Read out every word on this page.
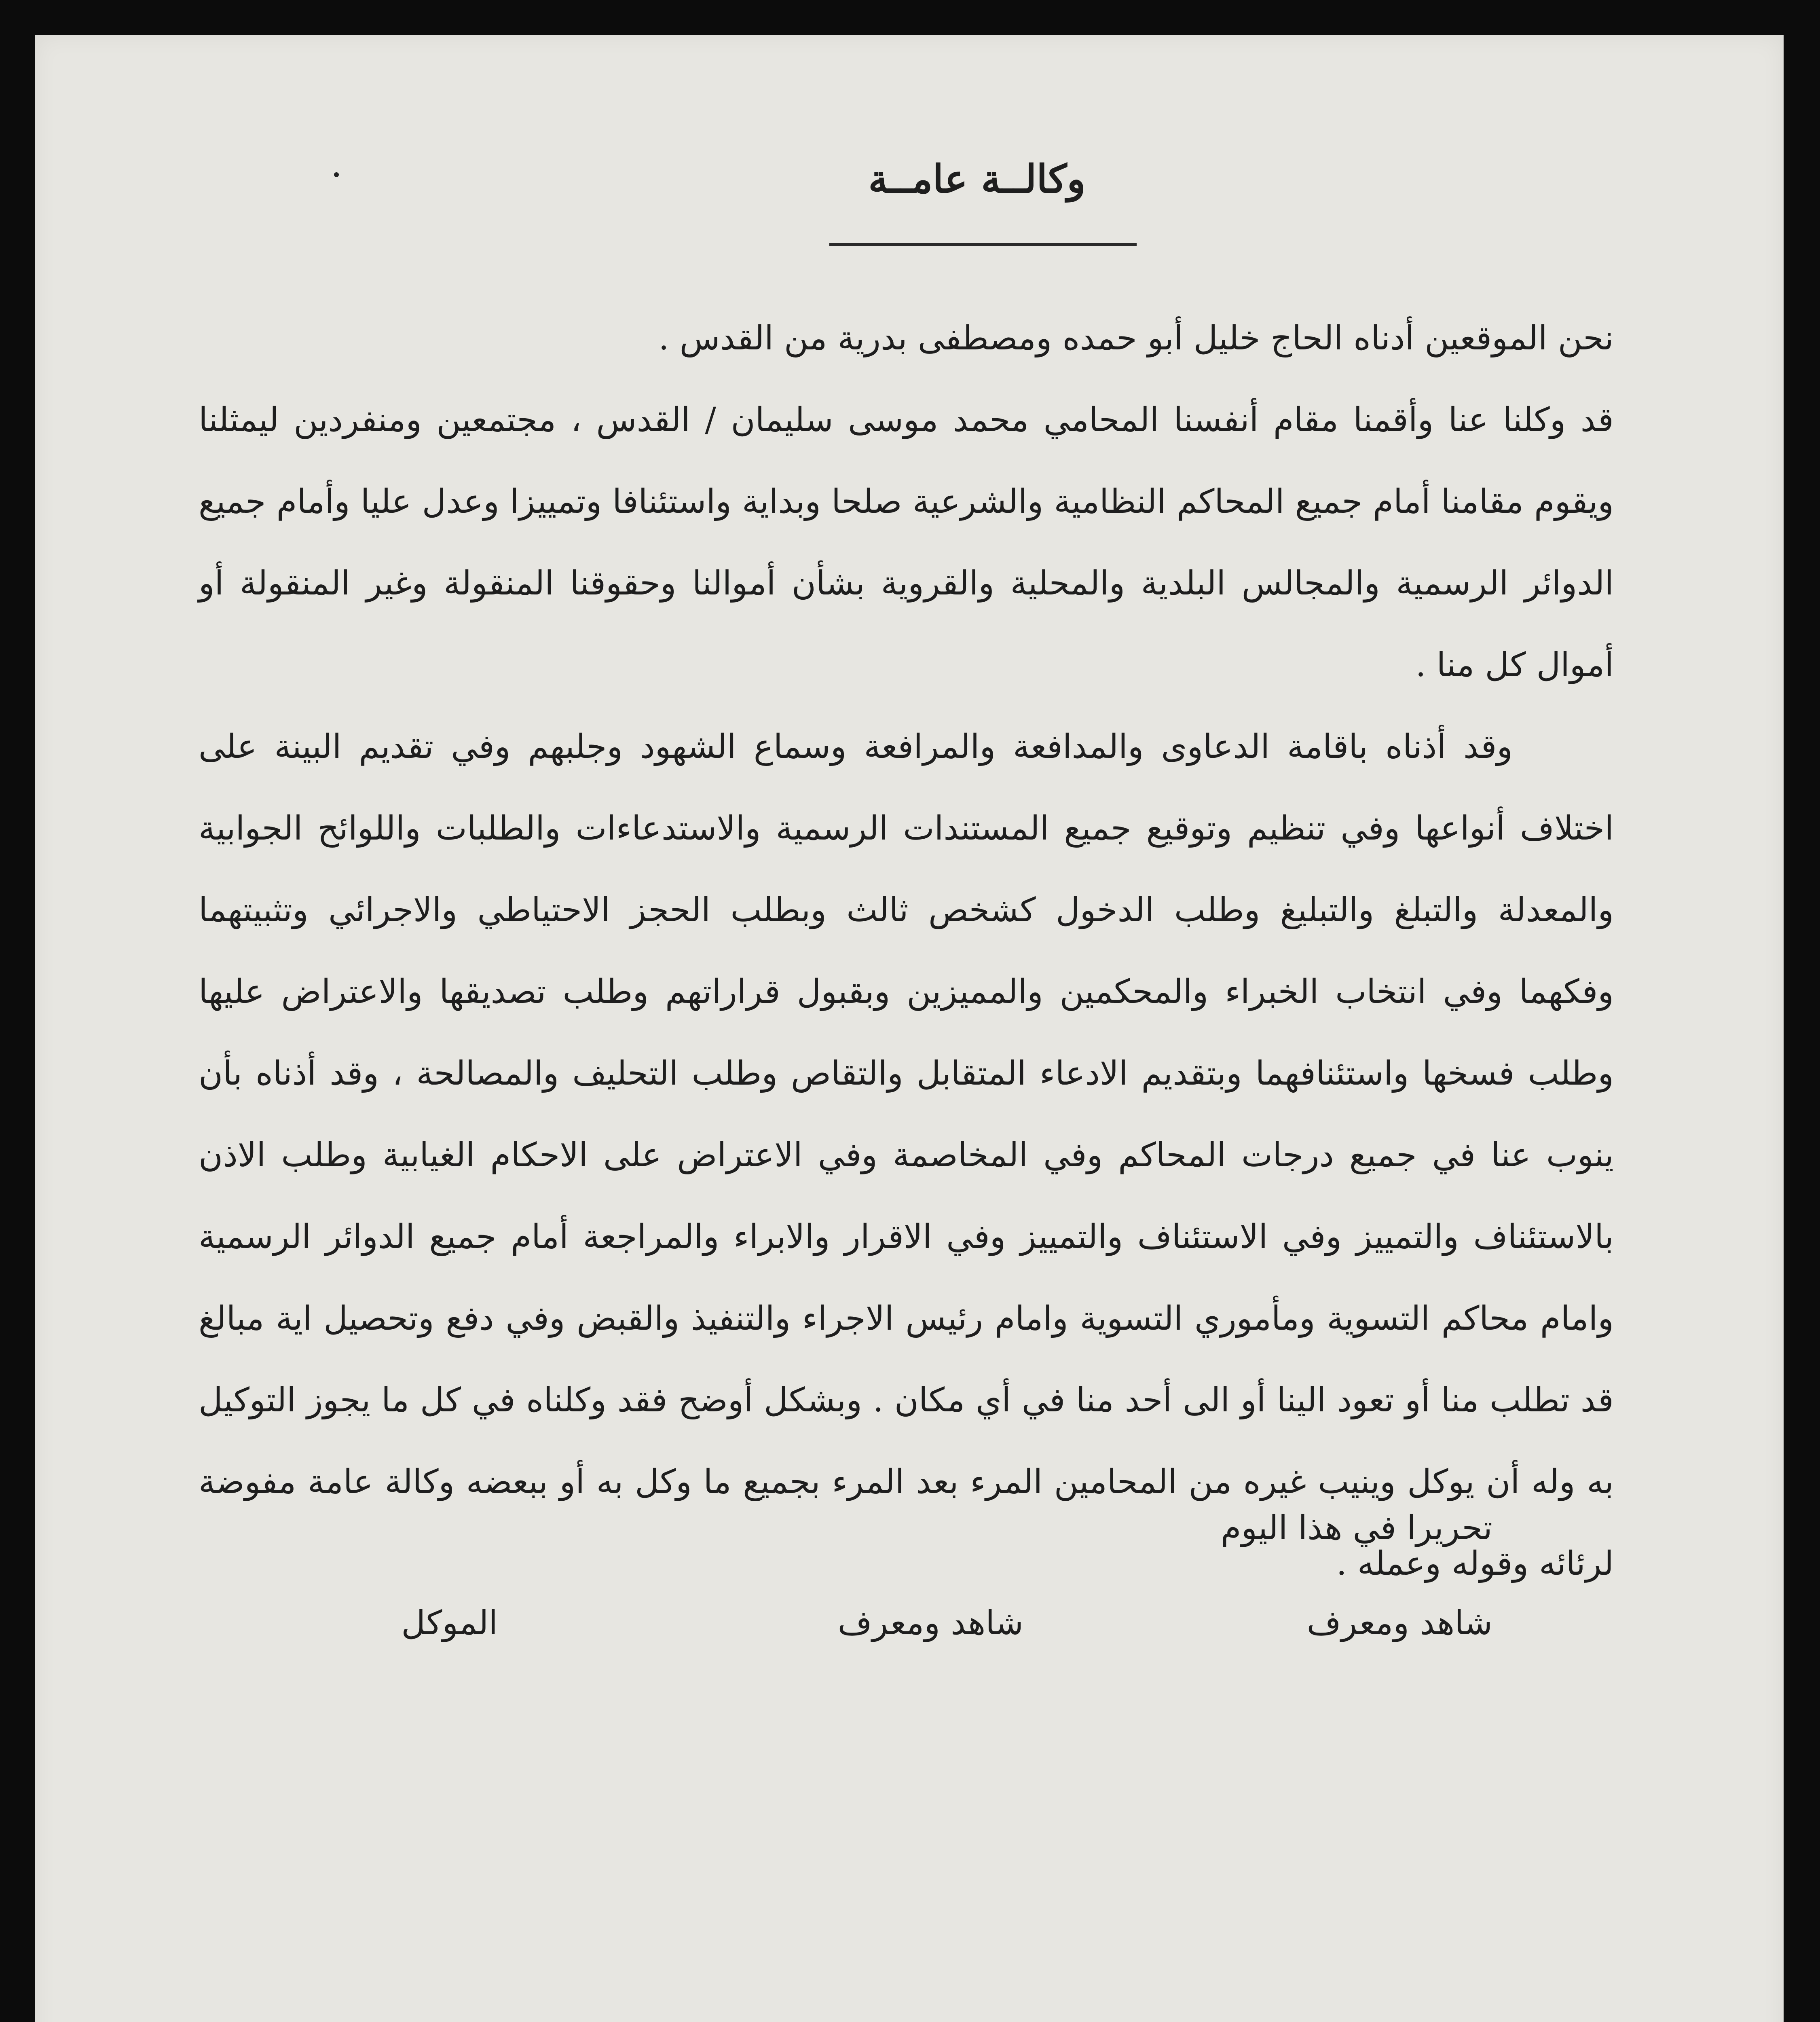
وكالــة عامــة

نحن الموقعين أدناه الحاج خليل أبو حمده ومصطفى بدرية من القدس .

قد وكلنا عنا وأقمنا مقام أنفسنا المحامي محمد موسى سليمان / القدس ، مجتمعين ومنفردين ليمثلنا ويقوم مقامنا أمام جميع المحاكم النظامية والشرعية صلحا وبداية واستئنافا وتمييزا وعدل عليا وأمام جميع الدوائر الرسمية والمجالس البلدية والمحلية والقروية بشأن أموالنا وحقوقنا المنقولة وغير المنقولة أو أموال كل منا .

وقد أذناه باقامة الدعاوى والمدافعة والمرافعة وسماع الشهود وجلبهم وفي تقديم البينة على اختلاف أنواعها وفي تنظيم وتوقيع جميع المستندات الرسمية والاستدعاءات والطلبات واللوائح الجوابية والمعدلة والتبلغ والتبليغ وطلب الدخول كشخص ثالث وبطلب الحجز الاحتياطي والاجرائي وتثبيتهما وفكهما وفي انتخاب الخبراء والمحكمين والمميزين وبقبول قراراتهم وطلب تصديقها والاعتراض عليها وطلب فسخها واستئنافهما وبتقديم الادعاء المتقابل والتقاص وطلب التحليف والمصالحة ، وقد أذناه بأن ينوب عنا في جميع درجات المحاكم وفي المخاصمة وفي الاعتراض على الاحكام الغيابية وطلب الاذن بالاستئناف والتمييز وفي الاستئناف والتمييز وفي الاقرار والابراء والمراجعة أمام جميع الدوائر الرسمية وامام محاكم التسوية ومأموري التسوية وامام رئيس الاجراء والتنفيذ والقبض وفي دفع وتحصيل اية مبالغ قد تطلب منا أو تعود الينا أو الى أحد منا في أي مكان . وبشكل أوضح فقد وكلناه في كل ما يجوز التوكيل به وله أن يوكل وينيب غيره من المحامين المرء بعد المرء بجميع ما وكل به أو ببعضه وكالة عامة مفوضة لرئائه وقوله وعمله .

تحريرا في هذا اليوم
شاهد ومعرف
شاهد ومعرف
الموكل
